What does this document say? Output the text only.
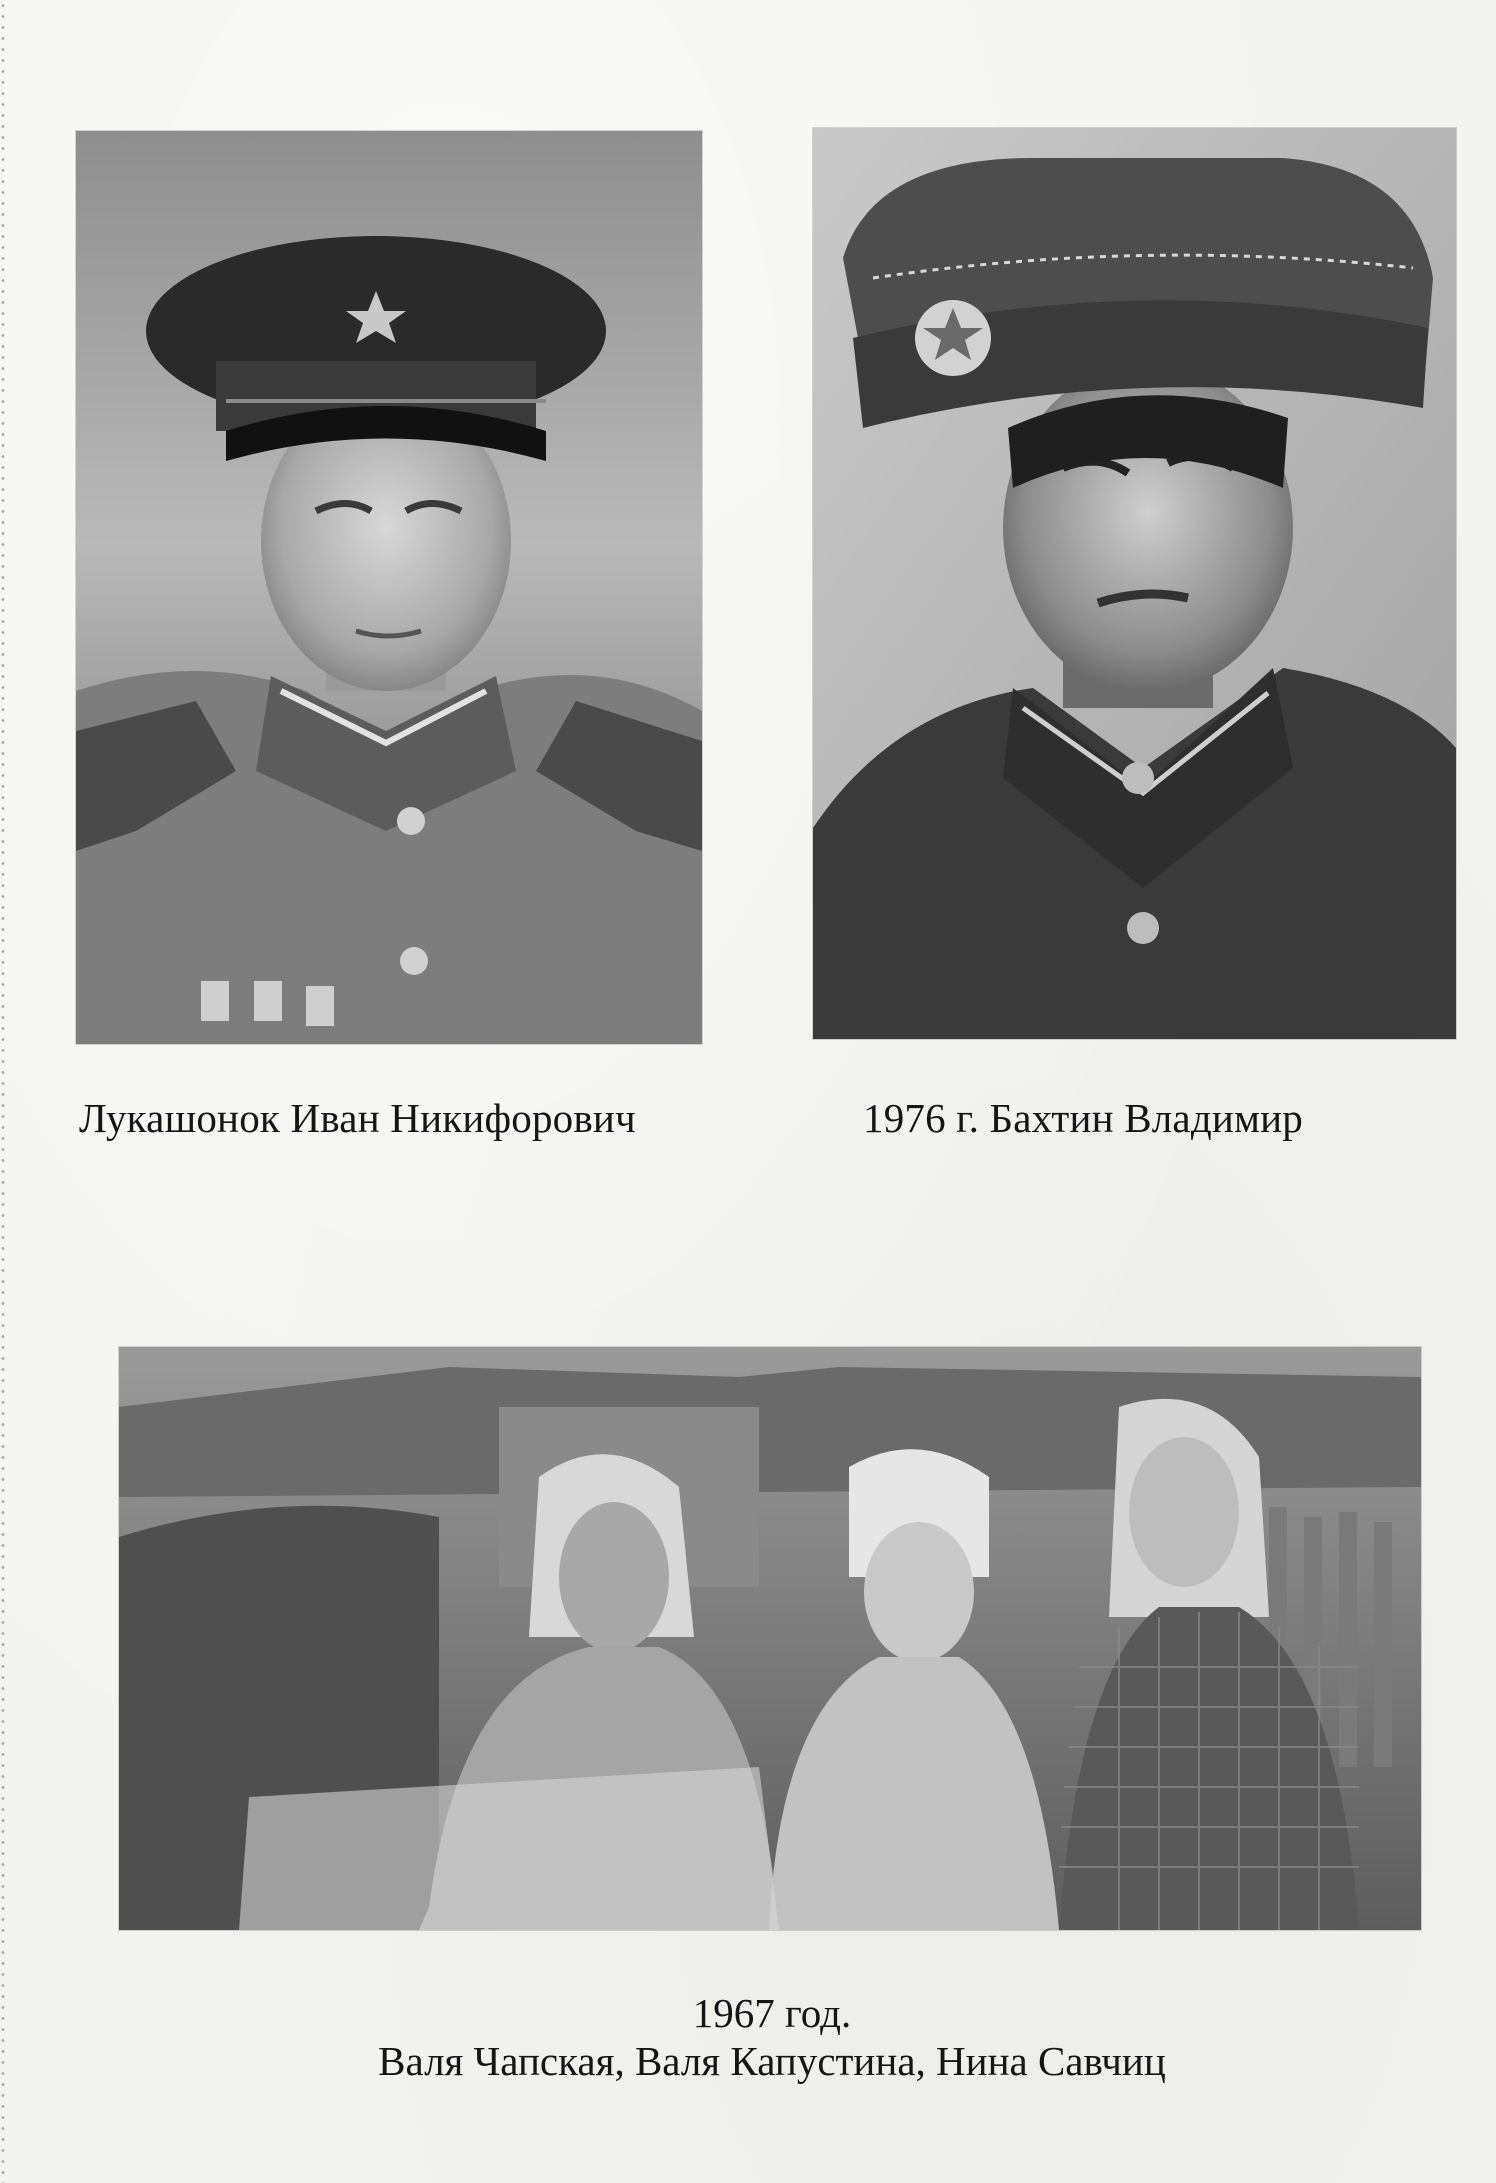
Лукашонок Иван Никифорович	1976 г. Бахтин Владимир
1967 год.
Валя Чапская, Валя Капустина, Нина Савчиц
